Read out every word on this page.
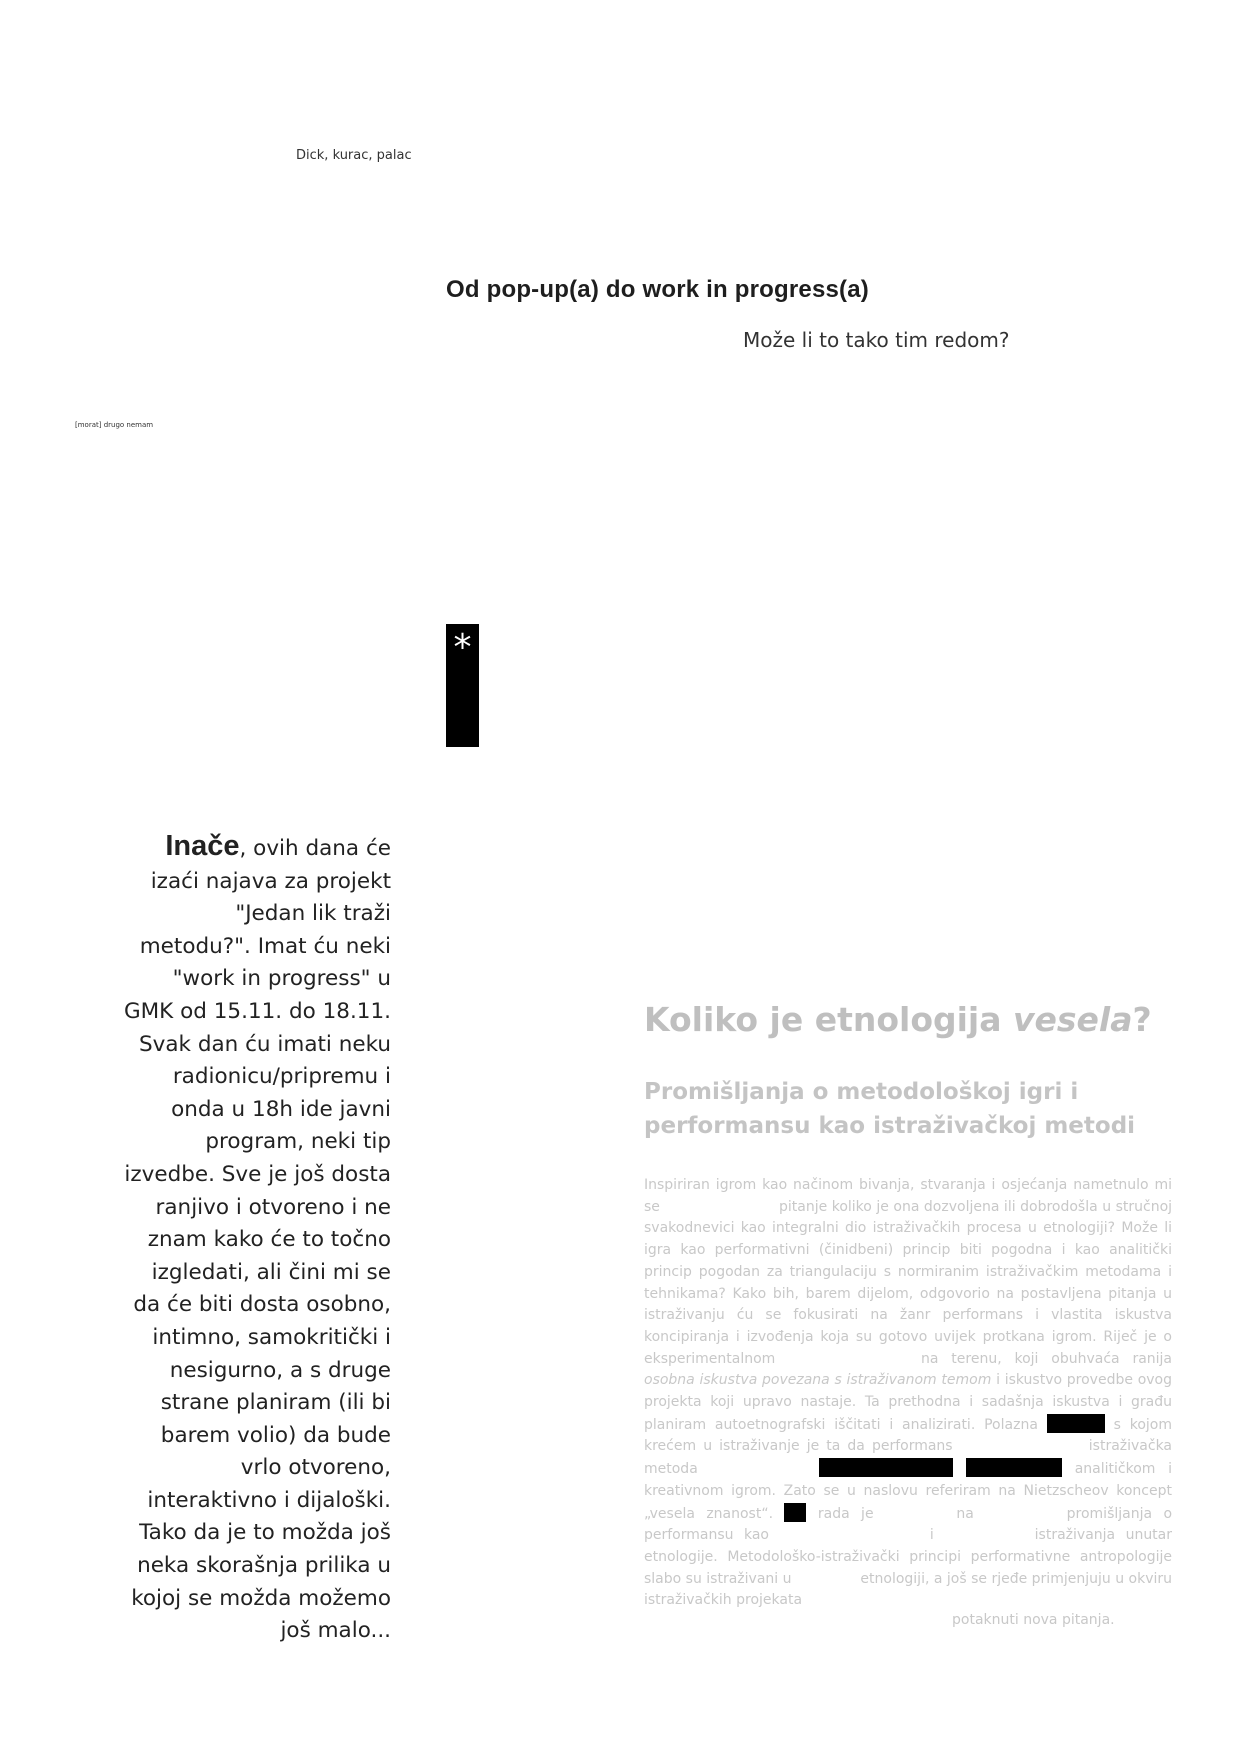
Dick, kurac, palac
[morat] drugo nemam
Od pop-up(a) do work in progress(a)
Može li to tako tim redom?
*
Inače, ovih dana će izaći najava za projekt "Jedan lik traži metodu?". Imat ću neki "work in progress" u GMK od 15.11. do 18.11. Svak dan ću imati neku radionicu/pripremu i onda u 18h ide javni program, neki tip izvedbe. Sve je još dosta ranjivo i otvoreno i ne znam kako će to točno izgledati, ali čini mi se da će biti dosta osobno, intimno, samokritički i nesigurno, a s druge strane planiram (ili bi barem volio) da bude vrlo otvoreno, interaktivno i dijaloški. Tako da je to možda još neka skorašnja prilika u kojoj se možda možemo još malo...
Koliko je etnologija vesela?
Promišljanja o metodološkoj igri i performansu kao istraživačkoj metodi

Inspiriran igrom kao načinom bivanja, stvaranja i osjećanja nametnulo mi se	pitanje koliko je ona dozvoljena ili dobrodošla u stručnoj svakodnevici kao integralni dio istraživačkih procesa u etnologiji? Može li igra kao performativni (činidbeni) princip biti pogodna i kao analitički princip pogodan za triangulaciju s normiranim istraživačkim metodama i tehnikama? Kako bih, barem dijelom, odgovorio na postavljena pitanja u istraživanju ću se fokusirati na žanr performans i vlastita iskustva koncipiranja i izvođenja koja su gotovo uvijek protkana igrom. Riječ je o eksperimentalnom	na terenu, koji obuhvaća ranija osobna iskustva povezana s istraživanom temom i iskustvo provedbe ovog projekta koji upravo nastaje. Ta prethodna i sadašnja iskustva i građu planiram autoetnografski iščitati i analizirati. Polazna	s kojom krećem u istraživanje je ta da performans	istraživačka metoda	analitičkom i kreativnom igrom. Zato se u naslovu referiram na Nietzscheov koncept „vesela znanost“.	rada je	na	promišljanja o performansu kao	i	istraživanja unutar etnologije. Metodološko-istraživački principi performativne antropologije slabo su istraživani u	etnologiji, a još se rjeđe primjenjuju u okviru istraživačkih projekata

potaknuti nova pitanja.
